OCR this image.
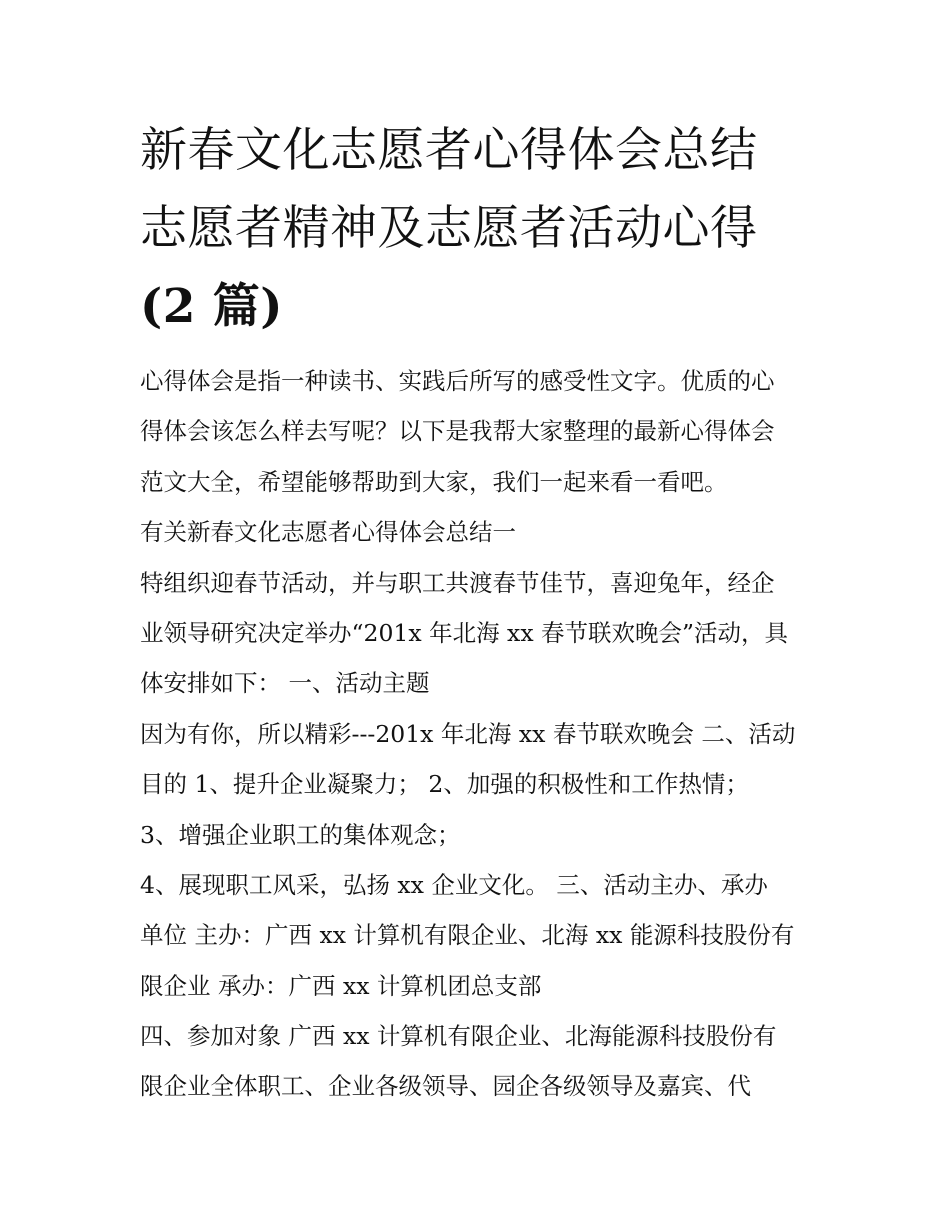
新春文化志愿者心得体会总结
志愿者精神及志愿者活动心得
(2 篇)
心得体会是指一种读书、实践后所写的感受性文字。优质的心
得体会该怎么样去写呢？以下是我帮大家整理的最新心得体会
范文大全，希望能够帮助到大家，我们一起来看一看吧。
有关新春文化志愿者心得体会总结一
特组织迎春节活动，并与职工共渡春节佳节，喜迎兔年，经企
业领导研究决定举办“201x 年北海 xx 春节联欢晚会”活动，具
体安排如下： 一、活动主题
因为有你，所以精彩---201x 年北海 xx 春节联欢晚会 二、活动
目的 1、提升企业凝聚力； 2、加强的积极性和工作热情；
3、增强企业职工的集体观念；
4、展现职工风采，弘扬 xx 企业文化。 三、活动主办、承办
单位 主办：广西 xx 计算机有限企业、北海 xx 能源科技股份有
限企业 承办：广西 xx 计算机团总支部
四、参加对象 广西 xx 计算机有限企业、北海能源科技股份有
限企业全体职工、企业各级领导、园企各级领导及嘉宾、代
